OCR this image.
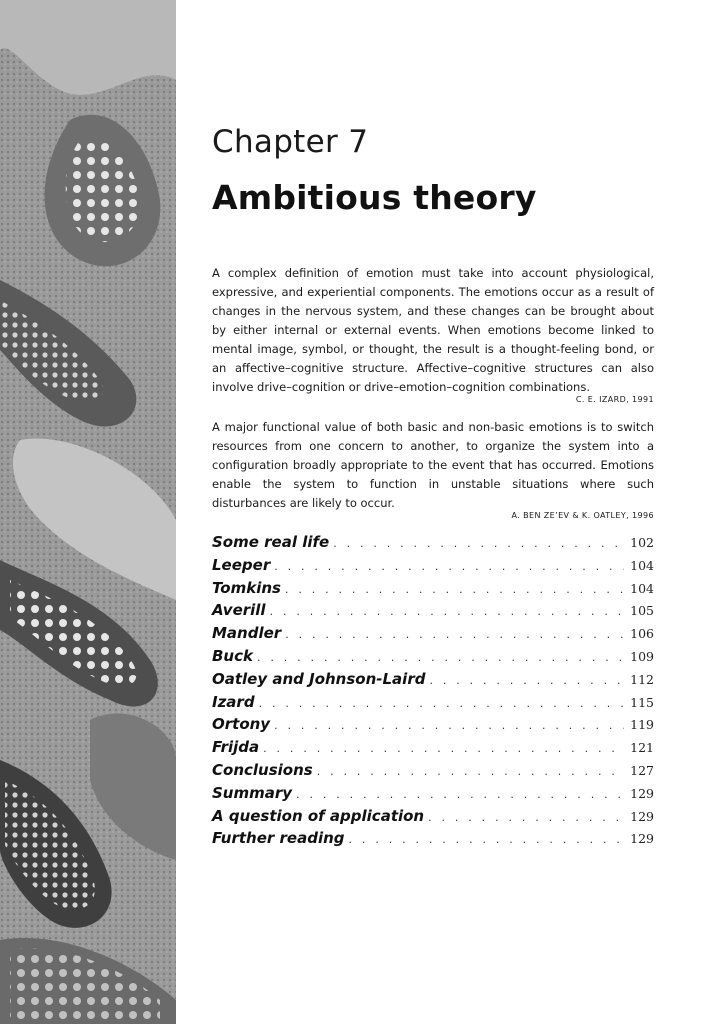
Chapter 7
Ambitious theory

A complex definition of emotion must take into account physiological, expressive, and experiential components. The emotions occur as a result of changes in the nervous system, and these changes can be brought about by either internal or external events. When emotions become linked to mental image, symbol, or thought, the result is a thought-feeling bond, or an affective–cognitive structure. Affective–cognitive structures can also involve drive–cognition or drive–emotion–cognition combinations.

C. E. IZARD, 1991

A major functional value of both basic and non-basic emotions is to switch resources from one concern to another, to organize the system into a configuration broadly appropriate to the event that has occurred. Emotions enable the system to function in unstable situations where such disturbances are likely to occur.

A. BEN ZE’EV & K. OATLEY, 1996
Some real life . . .	102
Leeper . . .	104
Tomkins . . .	104
Averill . . .	105
Mandler . . .	106
Buck . . .	109
Oatley and Johnson-Laird . . .	112
Izard . . .	115
Ortony . . .	119
Frijda . . .	121
Conclusions . . .	127
Summary . . .	129
A question of application . . .	129
Further reading . . .	129
